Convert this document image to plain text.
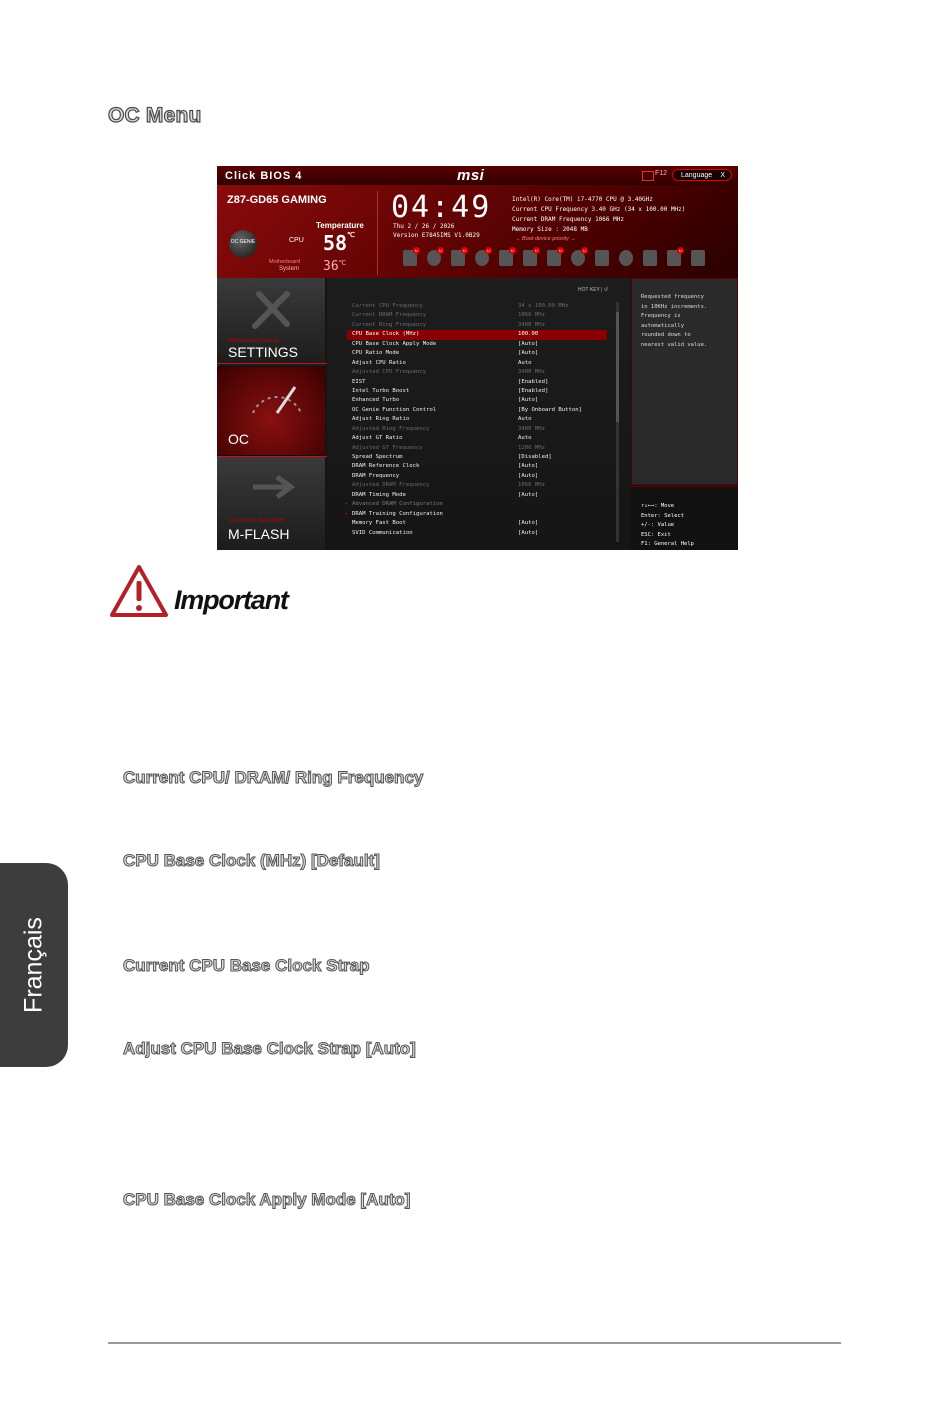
OC Menu
Click BIOS 4	msi	F12	Language X
Z87-GD65 GAMING
OC GENIE
Temperature
CPU 58℃
Motherboard
System 36℃
04:49
Thu 2 / 26 / 2026
Version E7845IMS V1.0B29
Intel(R) Core(TM) i7-4770 CPU @ 3.40GHz
Current CPU Frequency 3.40 GHz (34 x 100.00 MHz)
Current DRAM Frequency 1066 MHz
Memory Size : 2048 MB
→ Boot device priority →
U	U	U	U	U	U	U	U	U
Motherboard settings
SETTINGS
OC
Use USB to flash BIOS
M-FLASH
HOT KEY | ↺
Current CPU Frequency	34 x 100.00 MHz
Current DRAM Frequency	1066 MHz
Current Ring Frequency	3400 MHz
CPU Base Clock (MHz)	100.00
CPU Base Clock Apply Mode	[Auto]
CPU Ratio Mode	[Auto]
Adjust CPU Ratio	Auto
Adjusted CPU Frequency	3400 MHz
EIST	[Enabled]
Intel Turbo Boost	[Enabled]
Enhanced Turbo	[Auto]
OC Genie Function Control	[By Onboard Button]
Adjust Ring Ratio	Auto
Adjusted Ring Frequency	3400 MHz
Adjust GT Ratio	Auto
Adjusted GT Frequency	1200 MHz
Spread Spectrum	[Disabled]
DRAM Reference Clock	[Auto]
DRAM Frequency	[Auto]
Adjusted DRAM Frequency	1066 MHz
DRAM Timing Mode	[Auto]
▸ Advanced DRAM Configuration
▸ DRAM Training Configuration
Memory Fast Boot	[Auto]
SVID Communication	[Auto]
Requested frequency
in 10KHz increments.
Frequency is
automatically
rounded down to
nearest valid value.
↑↓←→: Move
Enter: Select
+/-: Value
ESC: Exit
F1: General Help
Important
Current CPU/ DRAM/ Ring Frequency
CPU Base Clock (MHz) [Default]
Current CPU Base Clock Strap
Adjust CPU Base Clock Strap [Auto]
CPU Base Clock Apply Mode [Auto]
Français
